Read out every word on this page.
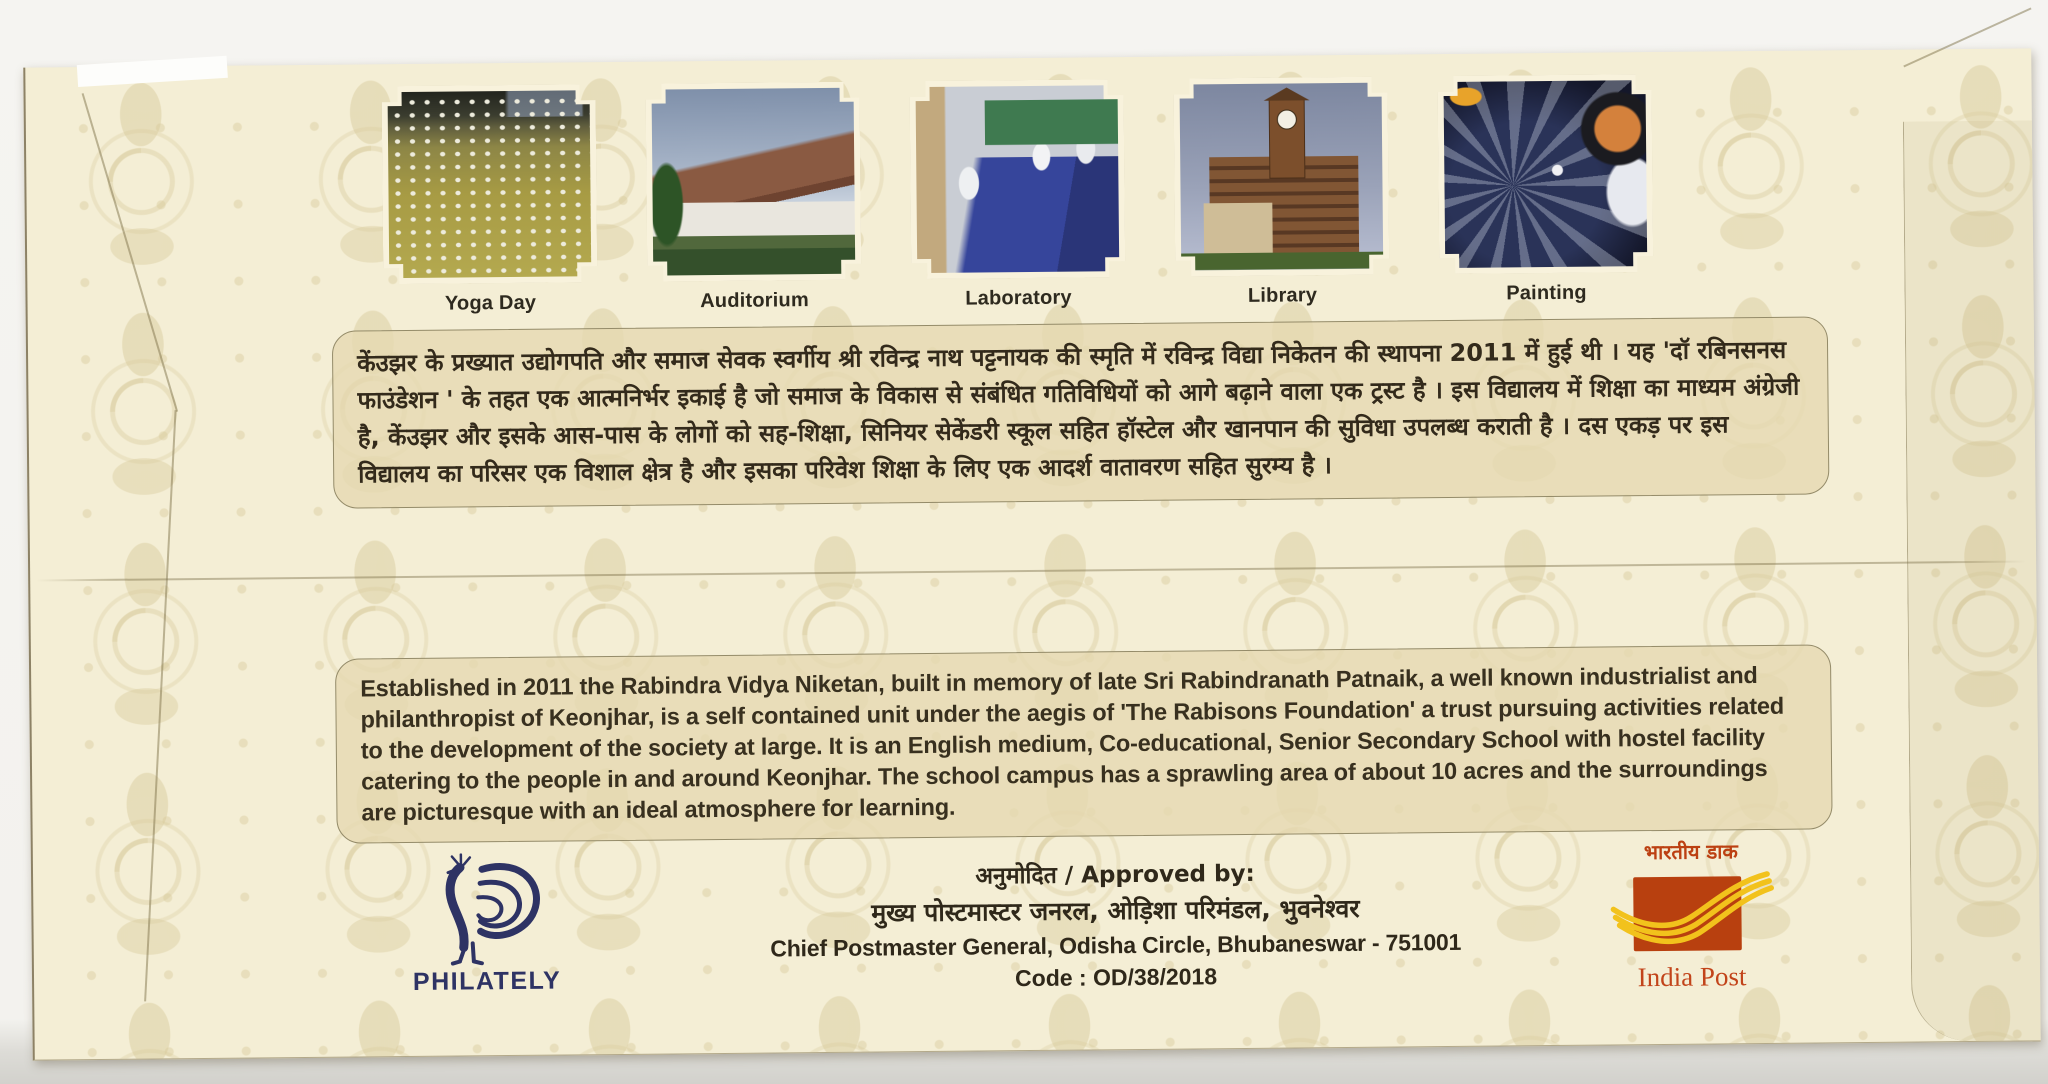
Yoga Day	Auditorium	Laboratory	Library	Painting

केंउझर के प्रख्यात उद्योगपति और समाज सेवक स्वर्गीय श्री रविन्द्र नाथ पट्टनायक की स्मृति में रविन्द्र विद्या निकेतन की स्थापना 2011 में हुई थी । यह 'दॉ रबिनसनस फाउंडेशन ' के तहत एक आत्मनिर्भर इकाई है जो समाज के विकास से संबंधित गतिविधियों को आगे बढ़ाने वाला एक ट्रस्ट है । इस विद्यालय में शिक्षा का माध्यम अंग्रेजी है, केंउझर और इसके आस-पास के लोगों को सह-शिक्षा, सिनियर सेकेंडरी स्कूल सहित हॉस्टेल और खानपान की सुविधा उपलब्ध कराती है । दस एकड़ पर इस विद्यालय का परिसर एक विशाल क्षेत्र है और इसका परिवेश शिक्षा के लिए एक आदर्श वातावरण सहित सुरम्य है ।

Established in 2011 the Rabindra Vidya Niketan, built in memory of late Sri Rabindranath Patnaik, a well known industrialist and philanthropist of Keonjhar, is a self contained unit under the aegis of 'The Rabisons Foundation' a trust pursuing activities related to the development of the society at large. It is an English medium, Co-educational, Senior Secondary School with hostel facility catering to the people in and around Keonjhar. The school campus has a sprawling area of about 10 acres and the surroundings are picturesque with an ideal atmosphere for learning.

PHILATELY
अनुमोदित / Approved by:
मुख्य पोस्टमास्टर जनरल, ओड़िशा परिमंडल, भुवनेश्वर
Chief Postmaster General, Odisha Circle, Bhubaneswar - 751001
Code : OD/38/2018
भारतीय डाक
India Post
